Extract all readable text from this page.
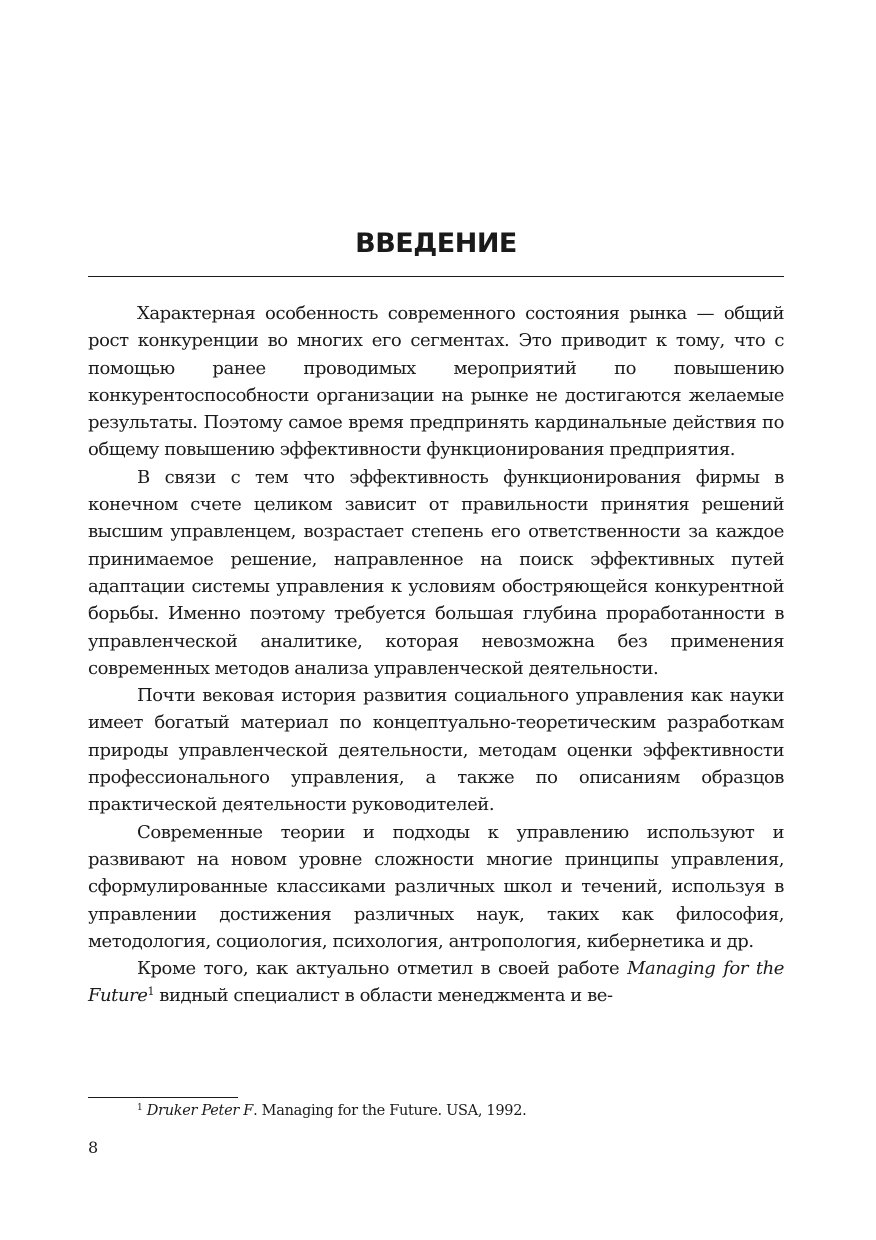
ВВЕДЕНИЕ

Характерная особенность современного состояния рынка — общий рост конкуренции во многих его сегментах. Это приводит к тому, что с помощью ранее проводимых мероприятий по повышению конкурентоспособности организации на рынке не достигаются желаемые результаты. Поэтому самое время предпринять кардинальные действия по общему повышению эффективности функционирования предприятия.

В связи с тем что эффективность функционирования фирмы в конечном счете целиком зависит от правильности принятия решений высшим управленцем, возрастает степень его ответственности за каждое принимаемое решение, направленное на поиск эффективных путей адаптации системы управления к условиям обостряющейся конкурентной борьбы. Именно поэтому требуется большая глубина проработанности в управленческой аналитике, которая невозможна без применения современных методов анализа управленческой деятельности.

Почти вековая история развития социального управления как науки имеет богатый материал по концептуально-теоретическим разработкам природы управленческой деятельности, методам оценки эффективности профессионального управления, а также по описаниям образцов практической деятельности руководителей.

Современные теории и подходы к управлению используют и развивают на новом уровне сложности многие принципы управления, сформулированные классиками различных школ и течений, используя в управлении достижения различных наук, таких как философия, методология, социология, психология, антропология, кибернетика и др.

Кроме того, как актуально отметил в своей работе Managing for the Future$^1$ видный специалист в области менеджмента и ве-

$^1$ Druker Peter F. Managing for the Future. USA, 1992.

8
